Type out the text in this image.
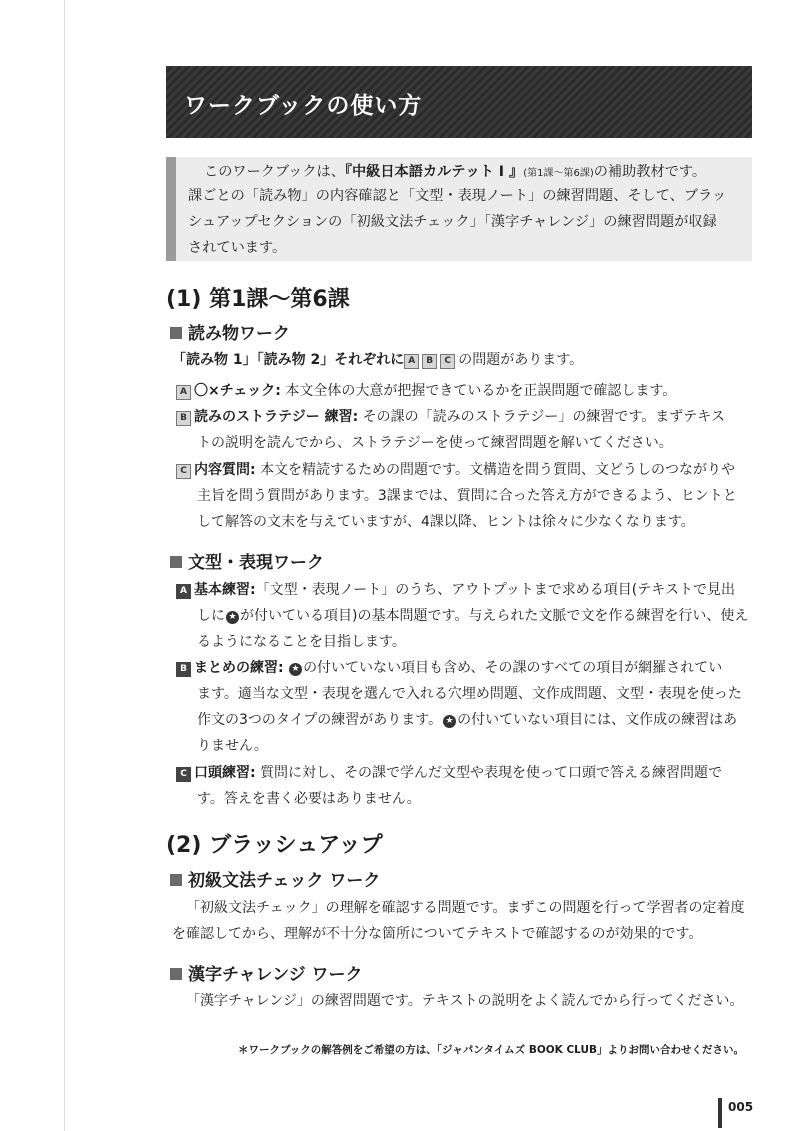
ワークブックの使い方

このワークブックは、『中級日本語カルテット I 』(第1課〜第6課)の補助教材です。

課ごとの「読み物」の内容確認と「文型・表現ノート」の練習問題、そして、ブラッ

シュアップセクションの「初級文法チェック」「漢字チャレンジ」の練習問題が収録

されています。

(1) 第1課〜第6課
読み物ワーク
「読み物 1」「読み物 2」それぞれに A B C の問題があります。
A 〇×チェック: 本文全体の大意が把握できているかを正誤問題で確認します。
B 読みのストラテジー 練習: その課の「読みのストラテジー」の練習です。まずテキス
トの説明を読んでから、ストラテジーを使って練習問題を解いてください。
C 内容質問: 本文を精読するための問題です。文構造を問う質問、文どうしのつながりや
主旨を問う質問があります。3課までは、質問に合った答え方ができるよう、ヒントと
して解答の文末を与えていますが、4課以降、ヒントは徐々に少なくなります。
文型・表現ワーク
A 基本練習:「文型・表現ノート」のうち、アウトプットまで求める項目(テキストで見出
しに ★ が付いている項目)の基本問題です。与えられた文脈で文を作る練習を行い、使え
るようになることを目指します。
B まとめの練習: ★ の付いていない項目も含め、その課のすべての項目が網羅されてい
ます。適当な文型・表現を選んで入れる穴埋め問題、文作成問題、文型・表現を使った
作文の3つのタイプの練習があります。 ★ の付いていない項目には、文作成の練習はあ
りません。
C 口頭練習: 質問に対し、その課で学んだ文型や表現を使って口頭で答える練習問題で
す。答えを書く必要はありません。
(2) ブラッシュアップ
初級文法チェック ワーク
「初級文法チェック」の理解を確認する問題です。まずこの問題を行って学習者の定着度
を確認してから、理解が不十分な箇所についてテキストで確認するのが効果的です。
漢字チャレンジ ワーク
「漢字チャレンジ」の練習問題です。テキストの説明をよく読んでから行ってください。
＊ワークブックの解答例をご希望の方は、「ジャパンタイムズ BOOK CLUB」よりお問い合わせください。
005
